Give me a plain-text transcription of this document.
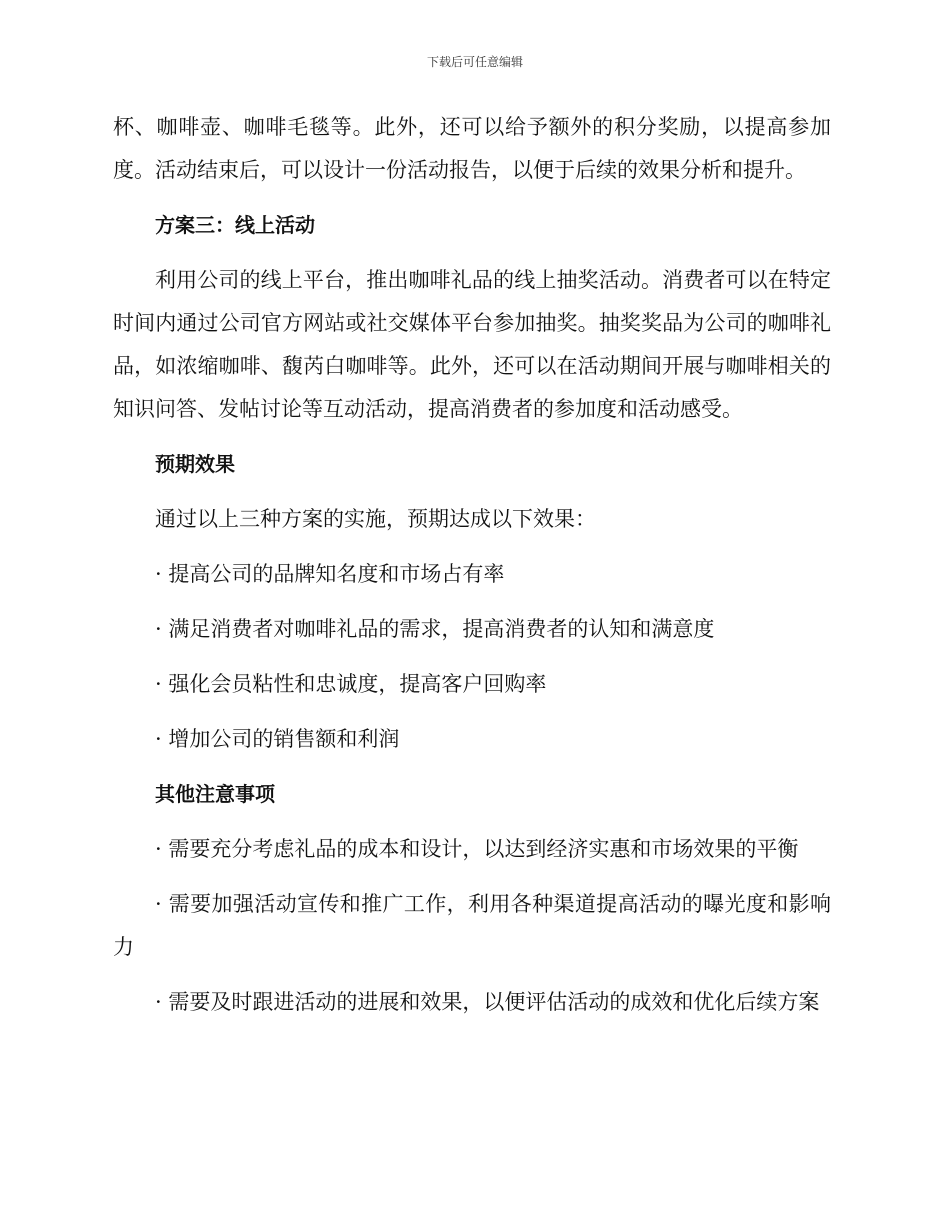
下载后可任意编辑

杯、咖啡壶、咖啡毛毯等。此外，还可以给予额外的积分奖励，以提高参加度。活动结束后，可以设计一份活动报告，以便于后续的效果分析和提升。

方案三：线上活动

利用公司的线上平台，推出咖啡礼品的线上抽奖活动。消费者可以在特定时间内通过公司官方网站或社交媒体平台参加抽奖。抽奖奖品为公司的咖啡礼品，如浓缩咖啡、馥芮白咖啡等。此外，还可以在活动期间开展与咖啡相关的知识问答、发帖讨论等互动活动，提高消费者的参加度和活动感受。

预期效果

通过以上三种方案的实施，预期达成以下效果：

· 提高公司的品牌知名度和市场占有率

· 满足消费者对咖啡礼品的需求，提高消费者的认知和满意度

· 强化会员粘性和忠诚度，提高客户回购率

· 增加公司的销售额和利润

其他注意事项

· 需要充分考虑礼品的成本和设计，以达到经济实惠和市场效果的平衡

· 需要加强活动宣传和推广工作，利用各种渠道提高活动的曝光度和影响力

· 需要及时跟进活动的进展和效果，以便评估活动的成效和优化后续方案
